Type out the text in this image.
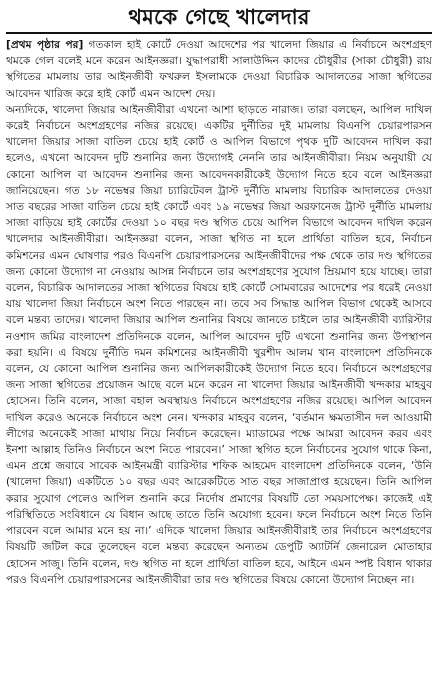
থমকে গেছে খালেদার

[প্রথম পৃষ্ঠার পর] গতকাল হাই কোর্টে দেওয়া আদেশের পর খালেদা জিয়ার এ নির্বাচনে অংশগ্রহণ থমকে গেল বলেই মনে করেন আইনজ্ঞরা। যুদ্ধাপরাধী সালাউদ্দিন কাদের চৌধুরীর (সাকা চৌধুরী) রায় স্থগিতের মামলায় তার আইনজীবী ফখরুল ইসলামকে দেওয়া বিচারিক আদালতের সাজা স্থগিতের আবেদন খারিজ করে হাই কোর্ট এমন আদেশ দেয়।

অন্যদিকে, খালেদা জিয়ার আইনজীবীরা এখনো আশা ছাড়তে নারাজ। তারা বলছেন, আপিল দাখিল করেই নির্বাচনে অংশগ্রহণের নজির রয়েছে। একটির দুর্নীতির দুই মামলায় বিএনপি চেয়ারপারসন খালেদা জিয়ার সাজা বাতিল চেয়ে হাই কোর্ট ও আপিল বিভাগে পৃথক দুটি আবেদন দাখিল করা হলেও, এখনো আবেদন দুটি শুনানির জন্য উদ্যোগই নেননি তার আইনজীবীরা। নিয়ম অনুযায়ী যে কোনো আপিল বা আবেদন শুনানির জন্য আবেদনকারীকেই উদ্যোগ নিতে হবে বলে আইনজ্ঞরা জানিয়েছেন। গত ১৮ নভেম্বর জিয়া চ্যারিটেবল ট্রাস্ট দুর্নীতি মামলায় বিচারিক আদালতের দেওয়া সাত বছরের সাজা বাতিল চেয়ে হাই কোর্টে এবং ১৯ নভেম্বর জিয়া অরফানেজ ট্রাস্ট দুর্নীতি মামলায় সাজা বাড়িয়ে হাই কোর্টের দেওয়া ১০ বছর দণ্ড স্থগিত চেয়ে আপিল বিভাগে আবেদন দাখিল করেন খালেদার আইনজীবীরা। আইনজ্ঞরা বলেন, সাজা স্থগিত না হলে প্রার্থিতা বাতিল হবে, নির্বাচন কমিশনের এমন ঘোষণার পরও বিএনপি চেয়ারপারসনের আইনজীবীদের পক্ষ থেকে তার দণ্ড স্থগিতের জন্য কোনো উদ্যোগ না নেওয়ায় আসন্ন নির্বাচনে তার অংশগ্রহণের সুযোগ ম্রিয়মাণ হয়ে যাচ্ছে। তারা বলেন, বিচারিক আদালতের সাজা স্থগিতের বিষয়ে হাই কোর্টে সোমবারের আদেশের পর ধরেই নেওয়া যায় খালেদা জিয়া নির্বাচনে অংশ নিতে পারছেন না। তবে সব সিদ্ধান্ত আপিল বিভাগ থেকেই আসবে বলে মন্তব্য তাদের। খালেদা জিয়ার আপিল শুনানির বিষয়ে জানতে চাইলে তার আইনজীবী ব্যারিস্টার নওশাদ জমির বাংলাদেশ প্রতিদিনকে বলেন, আপিল আবেদন দুটি এখনো শুনানির জন্য উপস্থাপন করা হয়নি। এ বিষয়ে দুর্নীতি দমন কমিশনের আইনজীবী খুরশীদ আলম খান বাংলাদেশ প্রতিদিনকে বলেন, যে কোনো আপিল শুনানির জন্য আপিলকারীকেই উদ্যোগ নিতে হবে। নির্বাচনে অংশগ্রহণের জন্য সাজা স্থগিতের প্রয়োজন আছে বলে মনে করেন না খালেদা জিয়ার আইনজীবী খন্দকার মাহবুব হোসেন। তিনি বলেন, সাজা বহাল অবস্থায়ও নির্বাচনে অংশগ্রহণের নজির রয়েছে। আপিল আবেদন দাখিল করেও অনেকে নির্বাচনে অংশ নেন। খন্দকার মাহবুব বলেন, ‘বর্তমান ক্ষমতাসীন দল আওয়ামী লীগের অনেকেই সাজা মাথায় নিয়ে নির্বাচন করেছেন। ম্যাডামের পক্ষে আমরা আবেদন করব এবং ইনশা আল্লাহ তিনিও নির্বাচনে অংশ নিতে পারবেন।’ সাজা স্থগিত হলে নির্বাচনের সুযোগ থাকে কিনা, এমন প্রশ্নে জবাবে সাবেক আইনমন্ত্রী ব্যারিস্টার শফিক আহমেদ বাংলাদেশ প্রতিদিনকে বলেন, ‘উনি (খালেদা জিয়া) একটিতে ১০ বছর এবং আরেকটিতে সাত বছর সাজাপ্রাপ্ত হয়েছেন। তিনি আপিল করার সুযোগ পেলেও আপিল শুনানি করে নির্দোষ প্রমাণের বিষয়টি তো সময়সাপেক্ষ। কাজেই এই পরিস্থিতিতে সংবিধানে যে বিধান আছে তাতে তিনি অযোগ্য হবেন। ফলে নির্বাচনে অংশ নিতে তিনি পারবেন বলে আমার মনে হয় না।’ এদিকে খালেদা জিয়ার আইনজীবীরাই তার নির্বাচনে অংশগ্রহণের বিষয়টি জটিল করে তুলেছেন বলে মন্তব্য করেছেন অন্যতম ডেপুটি অ্যাটর্নি জেনারেল মোতাহার হোসেন সাজু। তিনি বলেন, দণ্ড স্থগিত না হলে প্রার্থিতা বাতিল হবে, আইনে এমন স্পষ্ট বিধান থাকার পরও বিএনপি চেয়ারপারসনের আইনজীবীরা তার দণ্ড স্থগিতের বিষয়ে কোনো উদ্যোগ নিচ্ছেন না।
